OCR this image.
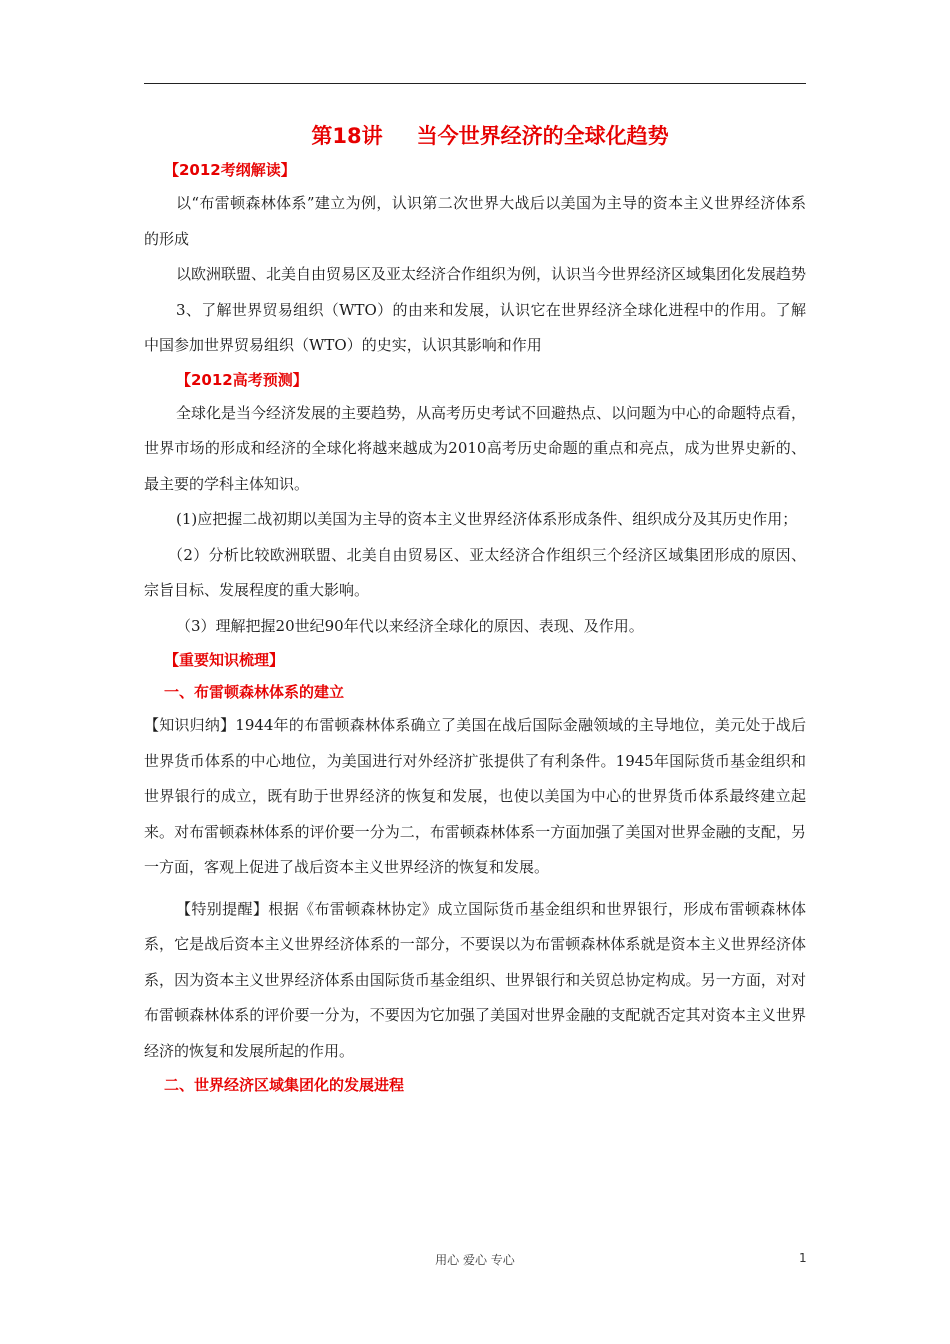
第18讲 当今世界经济的全球化趋势
【2012考纲解读】

以“布雷顿森林体系”建立为例，认识第二次世界大战后以美国为主导的资本主义世界经济体系的形成

以欧洲联盟、北美自由贸易区及亚太经济合作组织为例，认识当今世界经济区域集团化发展趋势

3、了解世界贸易组织（WTO）的由来和发展，认识它在世界经济全球化进程中的作用。了解中国参加世界贸易组织（WTO）的史实，认识其影响和作用

【2012高考预测】

全球化是当今经济发展的主要趋势，从高考历史考试不回避热点、以问题为中心的命题特点看，世界市场的形成和经济的全球化将越来越成为2010高考历史命题的重点和亮点，成为世界史新的、最主要的学科主体知识。

(1)应把握二战初期以美国为主导的资本主义世界经济体系形成条件、组织成分及其历史作用；

（2）分析比较欧洲联盟、北美自由贸易区、亚太经济合作组织三个经济区域集团形成的原因、宗旨目标、发展程度的重大影响。

（3）理解把握20世纪90年代以来经济全球化的原因、表现、及作用。

【重要知识梳理】
一、布雷顿森林体系的建立

【知识归纳】1944年的布雷顿森林体系确立了美国在战后国际金融领域的主导地位，美元处于战后世界货币体系的中心地位，为美国进行对外经济扩张提供了有利条件。1945年国际货币基金组织和世界银行的成立，既有助于世界经济的恢复和发展，也使以美国为中心的世界货币体系最终建立起来。对布雷顿森林体系的评价要一分为二，布雷顿森林体系一方面加强了美国对世界金融的支配，另一方面，客观上促进了战后资本主义世界经济的恢复和发展。

【特别提醒】根据《布雷顿森林协定》成立国际货币基金组织和世界银行，形成布雷顿森林体系，它是战后资本主义世界经济体系的一部分，不要误以为布雷顿森林体系就是资本主义世界经济体系，因为资本主义世界经济体系由国际货币基金组织、世界银行和关贸总协定构成。另一方面，对对布雷顿森林体系的评价要一分为，不要因为它加强了美国对世界金融的支配就否定其对资本主义世界经济的恢复和发展所起的作用。

二、世界经济区域集团化的发展进程
用心 爱心 专心	1
